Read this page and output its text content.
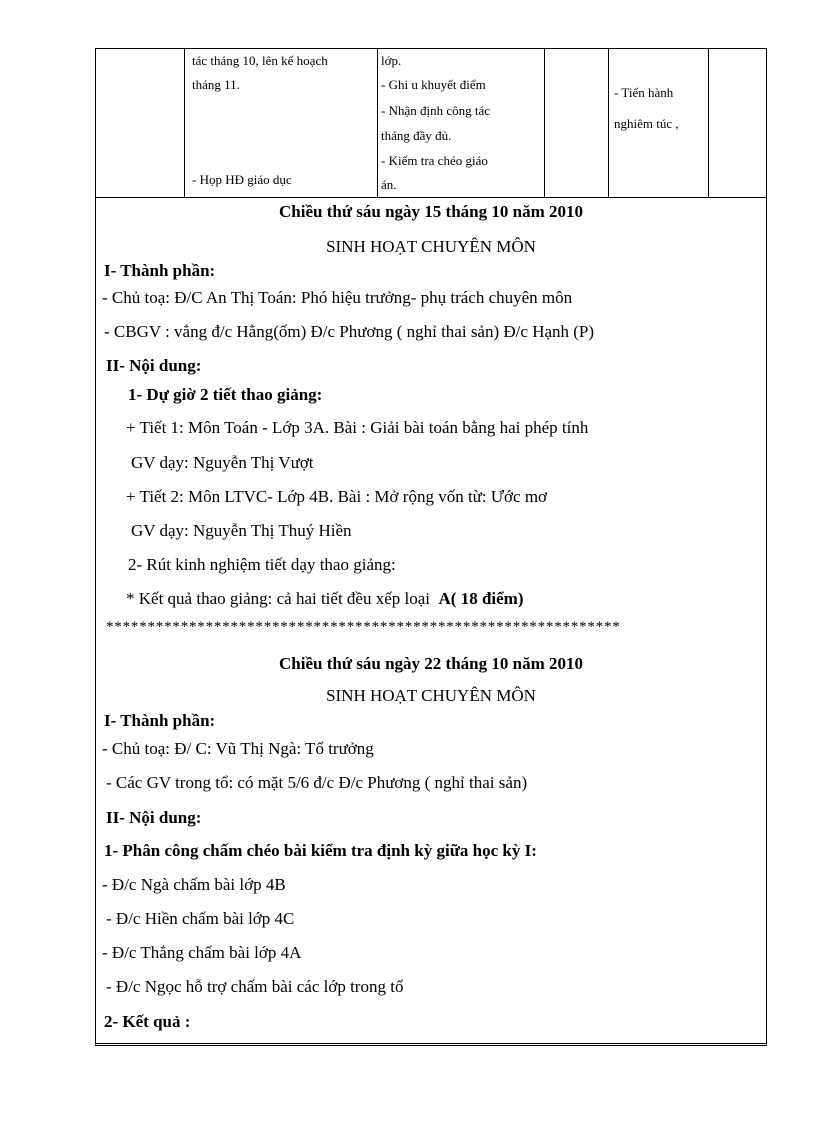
tác tháng 10, lên kế hoạch
tháng 11.
- Họp HĐ giáo dục
lớp.
- Ghi u khuyết điểm
- Nhận định công tác
tháng đầy đủ.
- Kiểm tra chéo giáo
án.
- Tiến hành
nghiêm túc ,
Chiều thứ sáu ngày 15 tháng 10 năm 2010
SINH HOẠT CHUYÊN MÔN
I- Thành phần:
- Chủ toạ: Đ/C An Thị Toán: Phó hiệu trưởng- phụ trách chuyên môn
- CBGV : vắng đ/c Hằng(ốm) Đ/c Phương ( nghỉ thai sản) Đ/c Hạnh (P)
II- Nội dung:
1- Dự giờ 2 tiết thao giảng:
+ Tiết 1: Môn Toán - Lớp 3A. Bài : Giải bài toán bằng hai phép tính
GV dạy: Nguyễn Thị Vượt
+ Tiết 2: Môn LTVC- Lớp 4B. Bài : Mở rộng vốn từ: Ước mơ
GV dạy: Nguyễn Thị Thuý Hiền
2- Rút kinh nghiệm tiết dạy thao giảng:
* Kết quả thao giảng: cả hai tiết đều xếp loại A( 18 điểm)
**************************************************************
Chiều thứ sáu ngày 22 tháng 10 năm 2010
SINH HOẠT CHUYÊN MÔN
I- Thành phần:
- Chủ toạ: Đ/ C: Vũ Thị Ngà: Tổ trưởng
- Các GV trong tổ: có mặt 5/6 đ/c Đ/c Phương ( nghỉ thai sản)
II- Nội dung:
1- Phân công chấm chéo bài kiểm tra định kỳ giữa học kỳ I:
- Đ/c Ngà chấm bài lớp 4B
- Đ/c Hiền chấm bài lớp 4C
- Đ/c Thắng chấm bài lớp 4A
- Đ/c Ngọc hỗ trợ chấm bài các lớp trong tổ
2- Kết quả :
